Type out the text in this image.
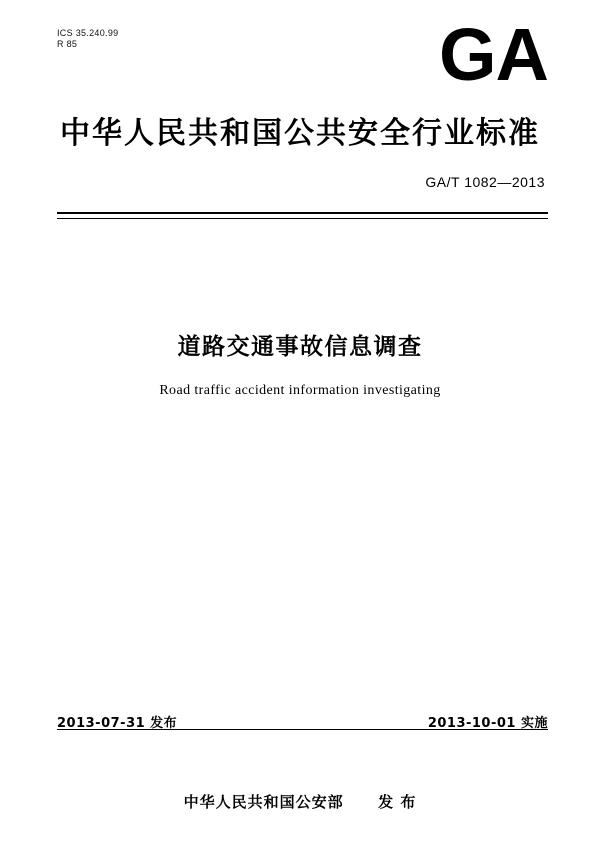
ICS 35.240.99
R 85	GA
中华人民共和国公共安全行业标准
GA/T 1082—2013
道路交通事故信息调查
Road traffic accident information investigating
2013-07-31 发布	2013-10-01 实施
中华人民共和国公安部 发 布
